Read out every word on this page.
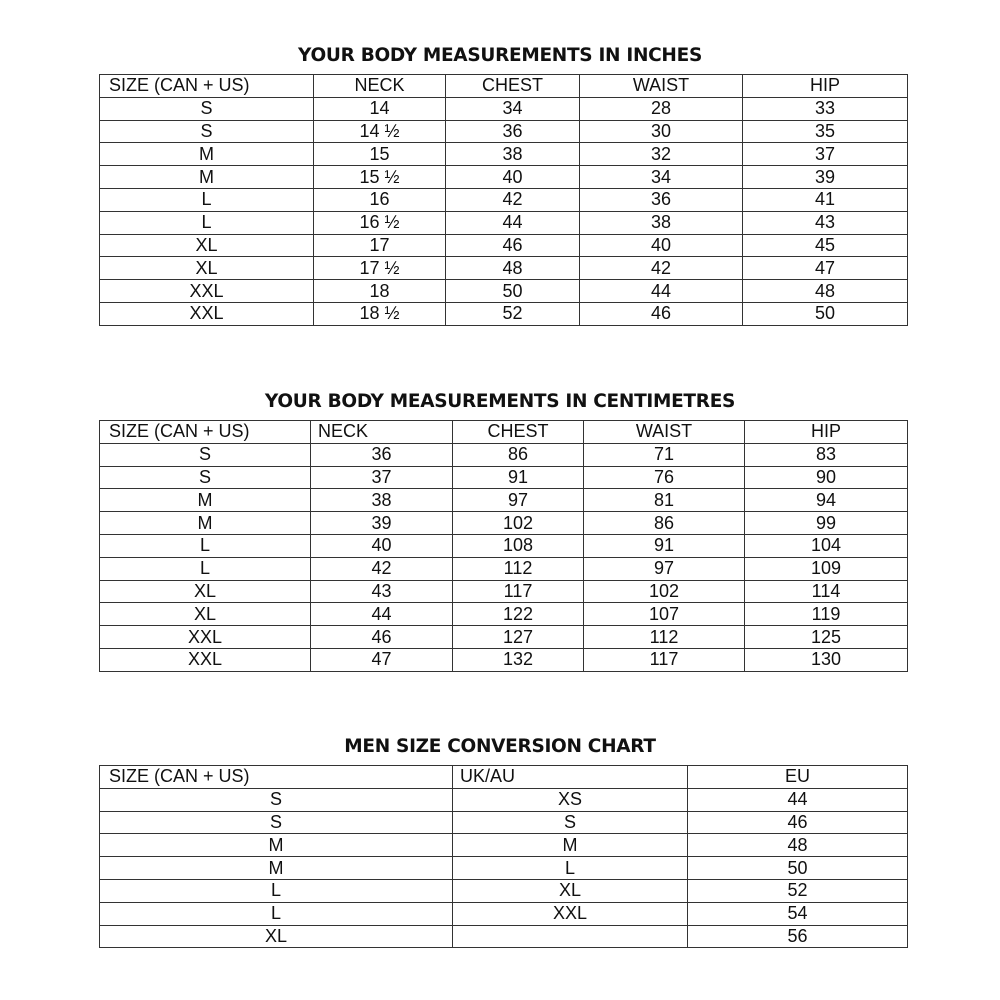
YOUR BODY MEASUREMENTS IN INCHES
SIZE (CAN + US)	NECK	CHEST	WAIST	HIP
S	14	34	28	33
S	14 ½	36	30	35
M	15	38	32	37
M	15 ½	40	34	39
L	16	42	36	41
L	16 ½	44	38	43
XL	17	46	40	45
XL	17 ½	48	42	47
XXL	18	50	44	48
XXL	18 ½	52	46	50
YOUR BODY MEASUREMENTS IN CENTIMETRES
SIZE (CAN + US)	NECK	CHEST	WAIST	HIP
S	36	86	71	83
S	37	91	76	90
M	38	97	81	94
M	39	102	86	99
L	40	108	91	104
L	42	112	97	109
XL	43	117	102	114
XL	44	122	107	119
XXL	46	127	112	125
XXL	47	132	117	130
MEN SIZE CONVERSION CHART
SIZE (CAN + US)	UK/AU	EU
S	XS	44
S	S	46
M	M	48
M	L	50
L	XL	52
L	XXL	54
XL		56
